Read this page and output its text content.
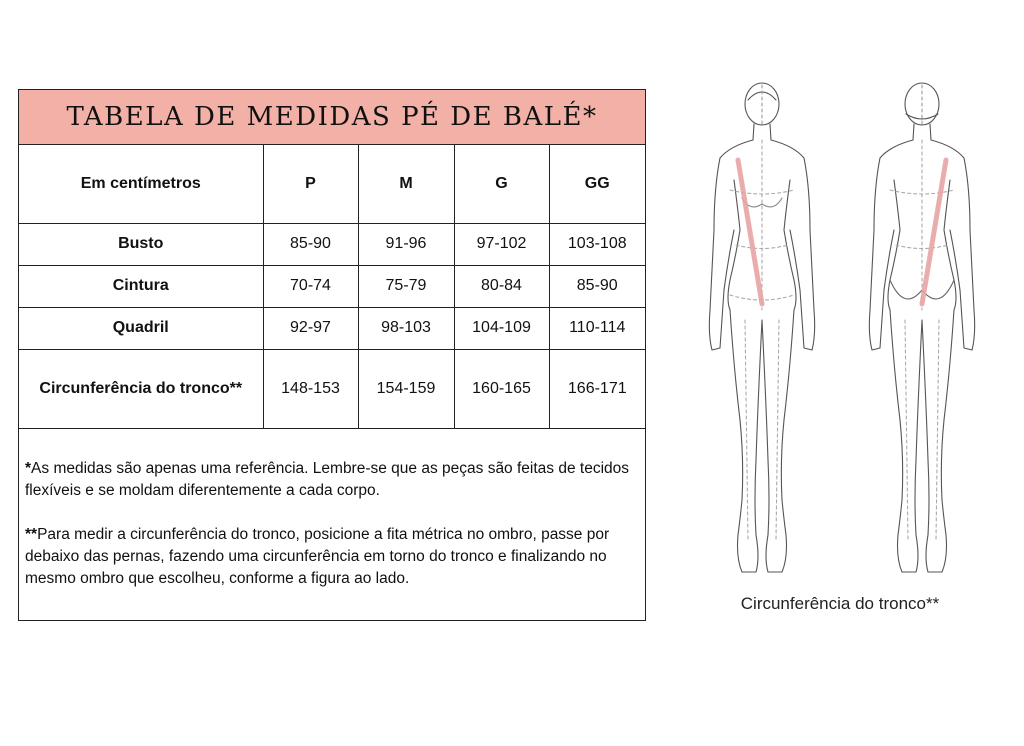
TABELA DE MEDIDAS PÉ DE BALÉ*
Em centímetros	P	M	G	GG
Busto	85-90	91-96	97-102	103-108
Cintura	70-74	75-79	80-84	85-90
Quadril	92-97	98-103	104-109	110-114
Circunferência do tronco**	148-153	154-159	160-165	166-171

*As medidas são apenas uma referência. Lembre-se que as peças são feitas de tecidos flexíveis e se moldam diferentemente a cada corpo.

**Para medir a circunferência do tronco, posicione a fita métrica no ombro, passe por debaixo das pernas, fazendo uma circunferência em torno do tronco e finalizando no mesmo ombro que escolheu, conforme a figura ao lado.

Circunferência do tronco**
